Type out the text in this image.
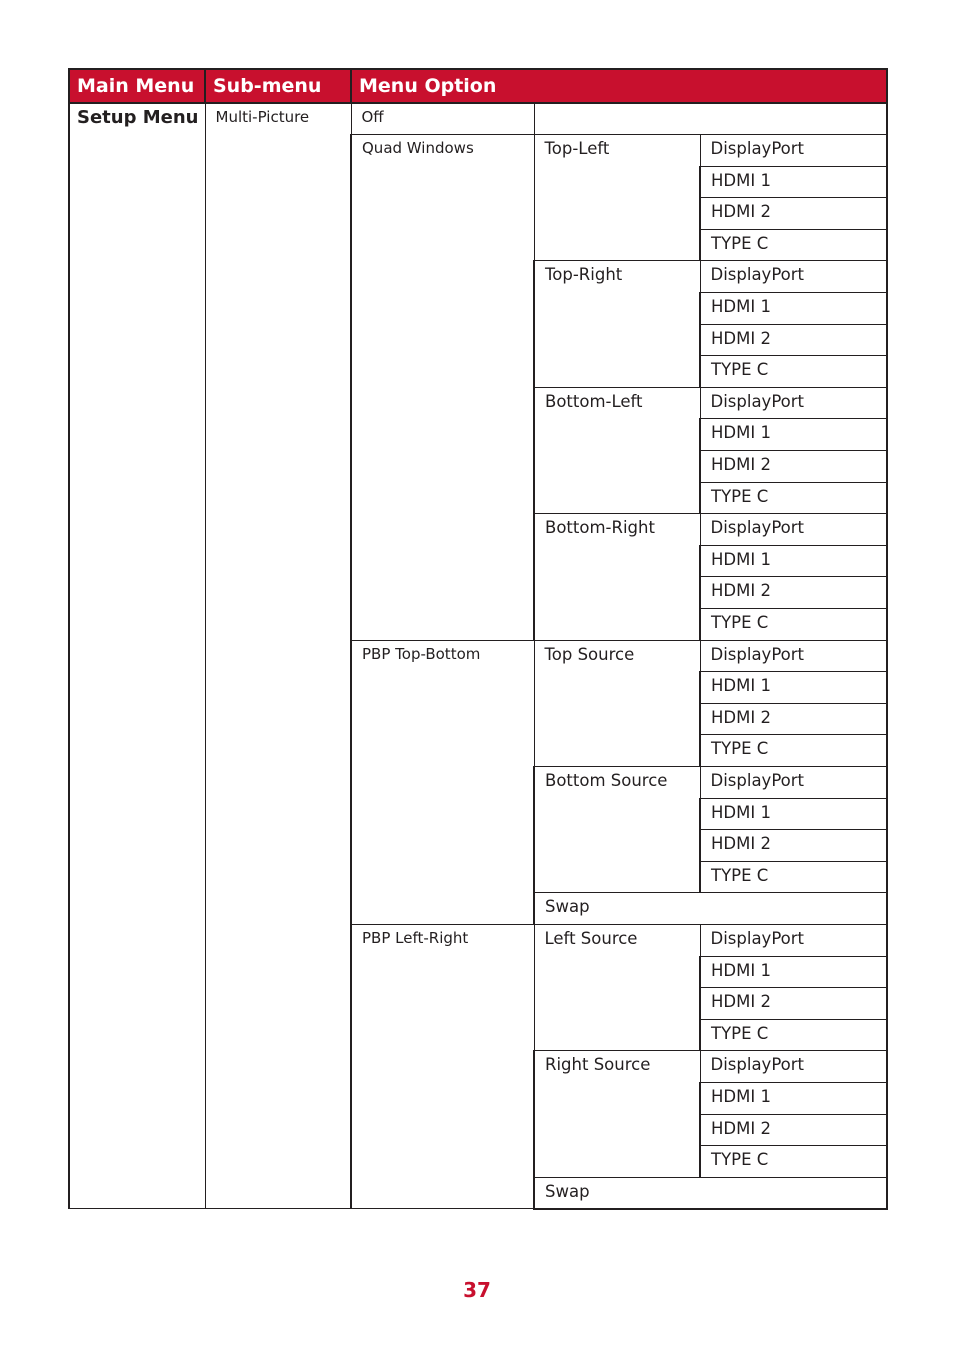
Main Menu	Sub-menu	Menu Option		
Setup Menu	Multi-Picture	Off		
		Quad Windows	Top-Left	DisplayPort
				HDMI 1
				HDMI 2
				TYPE C
			Top-Right	DisplayPort
				HDMI 1
				HDMI 2
				TYPE C
			Bottom-Left	DisplayPort
				HDMI 1
				HDMI 2
				TYPE C
			Bottom-Right	DisplayPort
				HDMI 1
				HDMI 2
				TYPE C
		PBP Top-Bottom	Top Source	DisplayPort
				HDMI 1
				HDMI 2
				TYPE C
			Bottom Source	DisplayPort
				HDMI 1
				HDMI 2
				TYPE C
			Swap	
		PBP Left-Right	Left Source	DisplayPort
				HDMI 1
				HDMI 2
				TYPE C
			Right Source	DisplayPort
				HDMI 1
				HDMI 2
				TYPE C
			Swap	
37
